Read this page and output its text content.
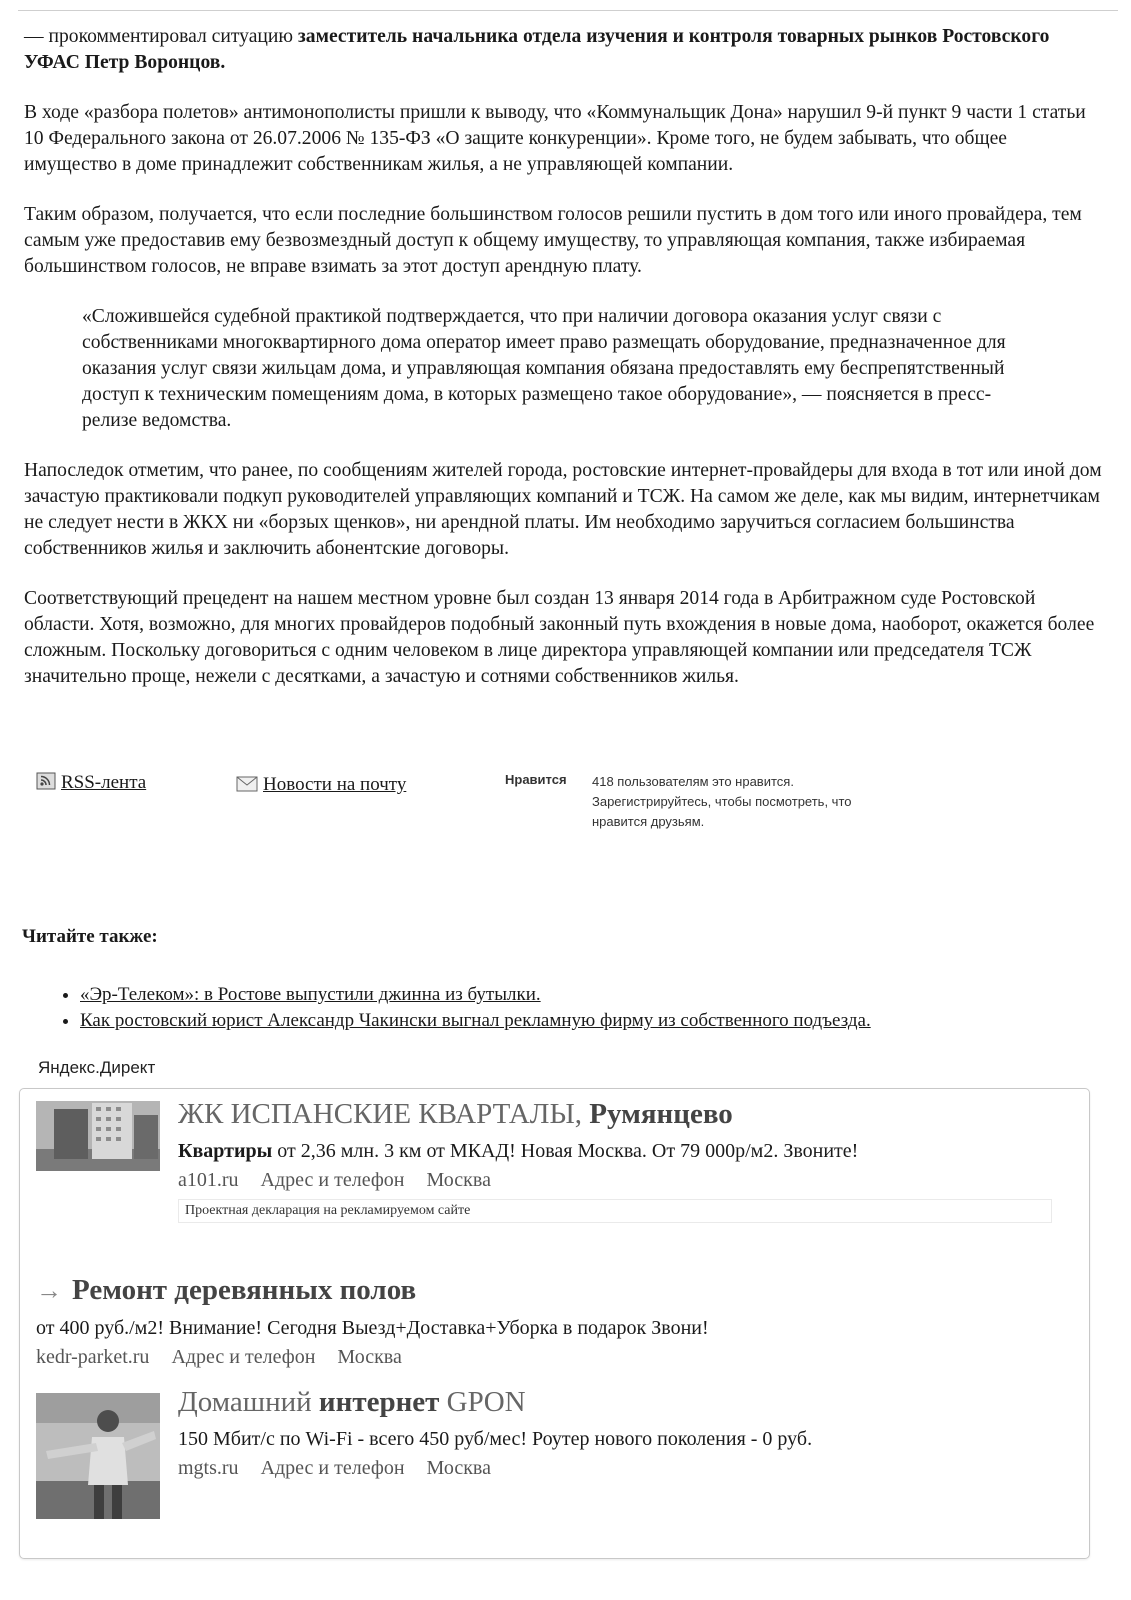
— прокомментировал ситуацию заместитель начальника отдела изучения и контроля товарных рынков Ростовского УФАС Петр Воронцов.

В ходе «разбора полетов» антимонополисты пришли к выводу, что «Коммунальщик Дона» нарушил 9-й пункт 9 части 1 статьи 10 Федерального закона от 26.07.2006 № 135-ФЗ «О защите конкуренции». Кроме того, не будем забывать, что общее имущество в доме принадлежит собственникам жилья, а не управляющей компании.

Таким образом, получается, что если последние большинством голосов решили пустить в дом того или иного провайдера, тем самым уже предоставив ему безвозмездный доступ к общему имуществу, то управляющая компания, также избираемая большинством голосов, не вправе взимать за этот доступ арендную плату.

«Сложившейся судебной практикой подтверждается, что при наличии договора оказания услуг связи с собственниками многоквартирного дома оператор имеет право размещать оборудование, предназначенное для оказания услуг связи жильцам дома, и управляющая компания обязана предоставлять ему беспрепятственный доступ к техническим помещениям дома, в которых размещено такое оборудование», — поясняется в пресс-релизе ведомства.

Напоследок отметим, что ранее, по сообщениям жителей города, ростовские интернет-провайдеры для входа в тот или иной дом зачастую практиковали подкуп руководителей управляющих компаний и ТСЖ. На самом же деле, как мы видим, интернетчикам не следует нести в ЖКХ ни «борзых щенков», ни арендной платы. Им необходимо заручиться согласием большинства собственников жилья и заключить абонентские договоры.

Соответствующий прецедент на нашем местном уровне был создан 13 января 2014 года в Арбитражном суде Ростовской области. Хотя, возможно, для многих провайдеров подобный законный путь вхождения в новые дома, наоборот, окажется более сложным. Поскольку договориться с одним человеком в лице директора управляющей компании или председателя ТСЖ значительно проще, нежели с десятками, а зачастую и сотнями собственников жилья.

RSS-лента	Новости на почту	Нравится 418 пользователям это нравится. Зарегистрируйтесь, чтобы посмотреть, что нравится друзьям.
Читайте также:
• «Эр-Телеком»: в Ростове выпустили джинна из бутылки.
• Как ростовский юрист Александр Чакински выгнал рекламную фирму из собственного подъезда.
Яндекс.Директ
ЖК ИСПАНСКИЕ КВАРТАЛЫ, Румянцево
Квартиры от 2,36 млн. 3 км от МКАД! Новая Москва. От 79 000р/м2. Звоните!
a101.ru Адрес и телефон Москва
Проектная декларация на рекламируемом сайте
→ Ремонт деревянных полов
от 400 руб./м2! Внимание! Сегодня Выезд+Доставка+Уборка в подарок Звони!
kedr-parket.ru Адрес и телефон Москва
Домашний интернет GPON
150 Мбит/с по Wi-Fi - всего 450 руб/мес! Роутер нового поколения - 0 руб.
mgts.ru Адрес и телефон Москва
